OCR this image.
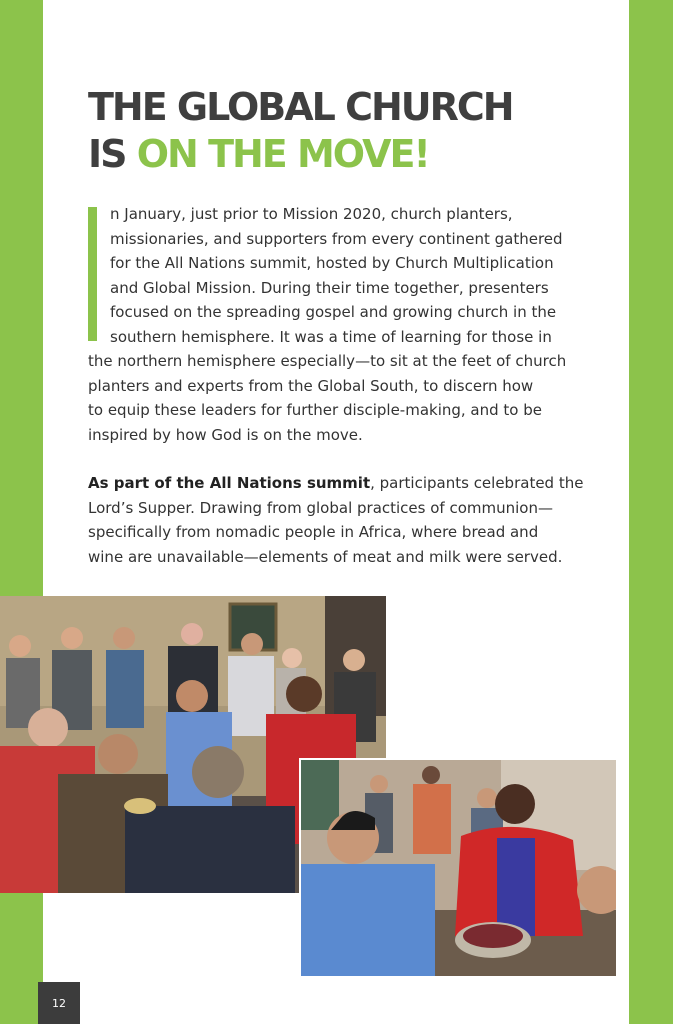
THE GLOBAL CHURCH
IS ON THE MOVE!

n January, just prior to Mission 2020, church planters,
missionaries, and supporters from every continent gathered
for the All Nations summit, hosted by Church Multiplication
and Global Mission. During their time together, presenters
focused on the spreading gospel and growing church in the
southern hemisphere. It was a time of learning for those in

the northern hemisphere especially—to sit at the feet of church
planters and experts from the Global South, to discern how
to equip these leaders for further disciple-making, and to be
inspired by how God is on the move.

As part of the All Nations summit, participants celebrated the
Lord’s Supper. Drawing from global practices of communion—
specifically from nomadic people in Africa, where bread and
wine are unavailable—elements of meat and milk were served.

12
